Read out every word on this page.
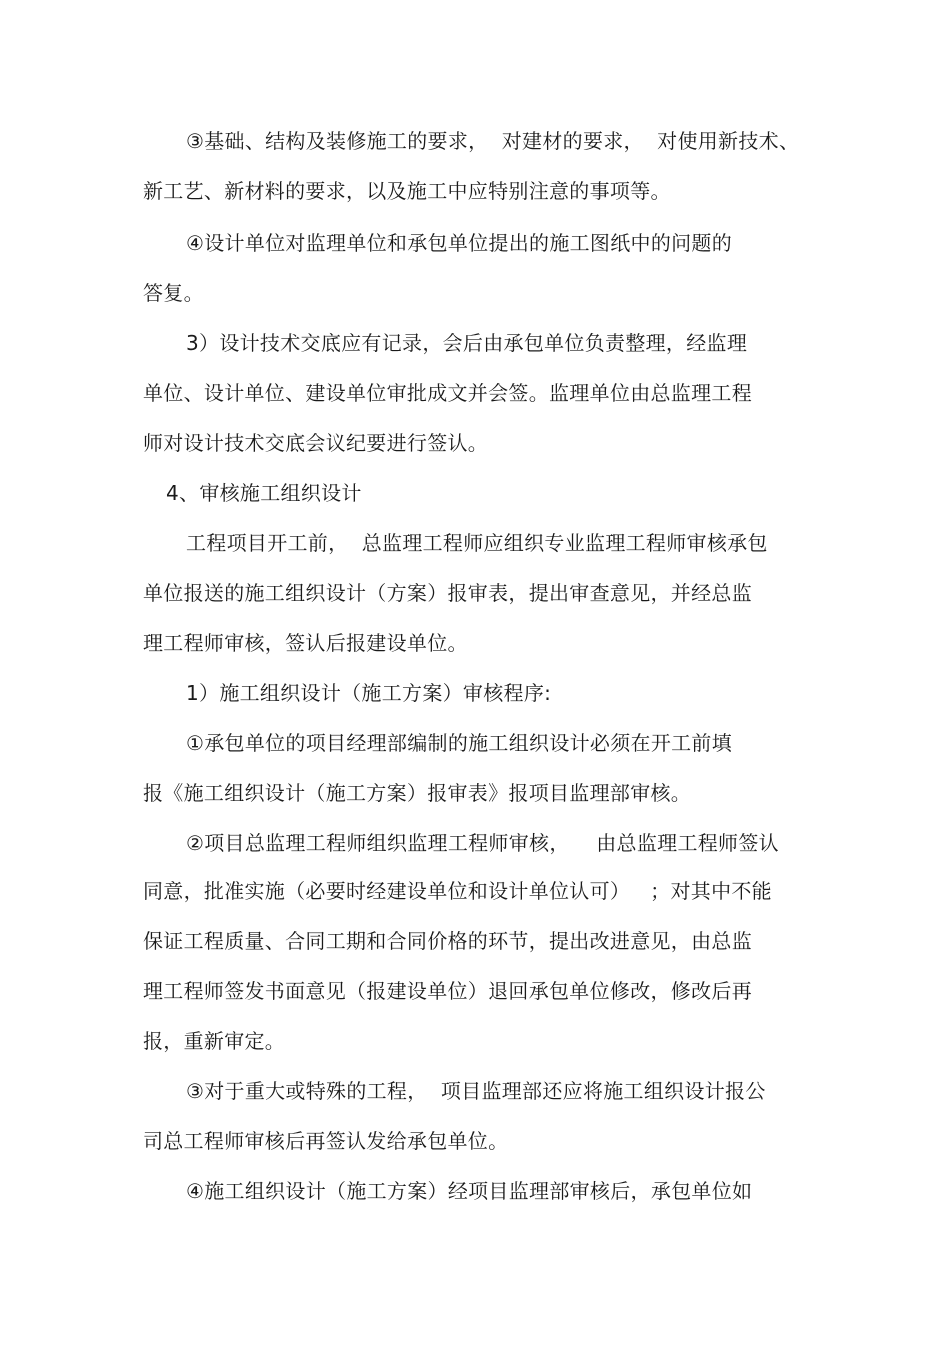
③基础、结构及装修施工的要求，  对建材的要求，  对使用新技术、
新工艺、新材料的要求，以及施工中应特别注意的事项等。
④设计单位对监理单位和承包单位提出的施工图纸中的问题的
答复。
3）设计技术交底应有记录，会后由承包单位负责整理，经监理
单位、设计单位、建设单位审批成文并会签。监理单位由总监理工程
师对设计技术交底会议纪要进行签认。
4、审核施工组织设计
工程项目开工前，  总监理工程师应组织专业监理工程师审核承包
单位报送的施工组织设计（方案）报审表，提出审查意见，并经总监
理工程师审核，签认后报建设单位。
1）施工组织设计（施工方案）审核程序:
①承包单位的项目经理部编制的施工组织设计必须在开工前填
报《施工组织设计（施工方案）报审表》报项目监理部审核。
②项目总监理工程师组织监理工程师审核，    由总监理工程师签认
同意，批准实施（必要时经建设单位和设计单位认可）   ；对其中不能
保证工程质量、合同工期和合同价格的环节，提出改进意见，由总监
理工程师签发书面意见（报建设单位）退回承包单位修改，修改后再
报，重新审定。
③对于重大或特殊的工程，  项目监理部还应将施工组织设计报公
司总工程师审核后再签认发给承包单位。
④施工组织设计（施工方案）经项目监理部审核后，承包单位如
